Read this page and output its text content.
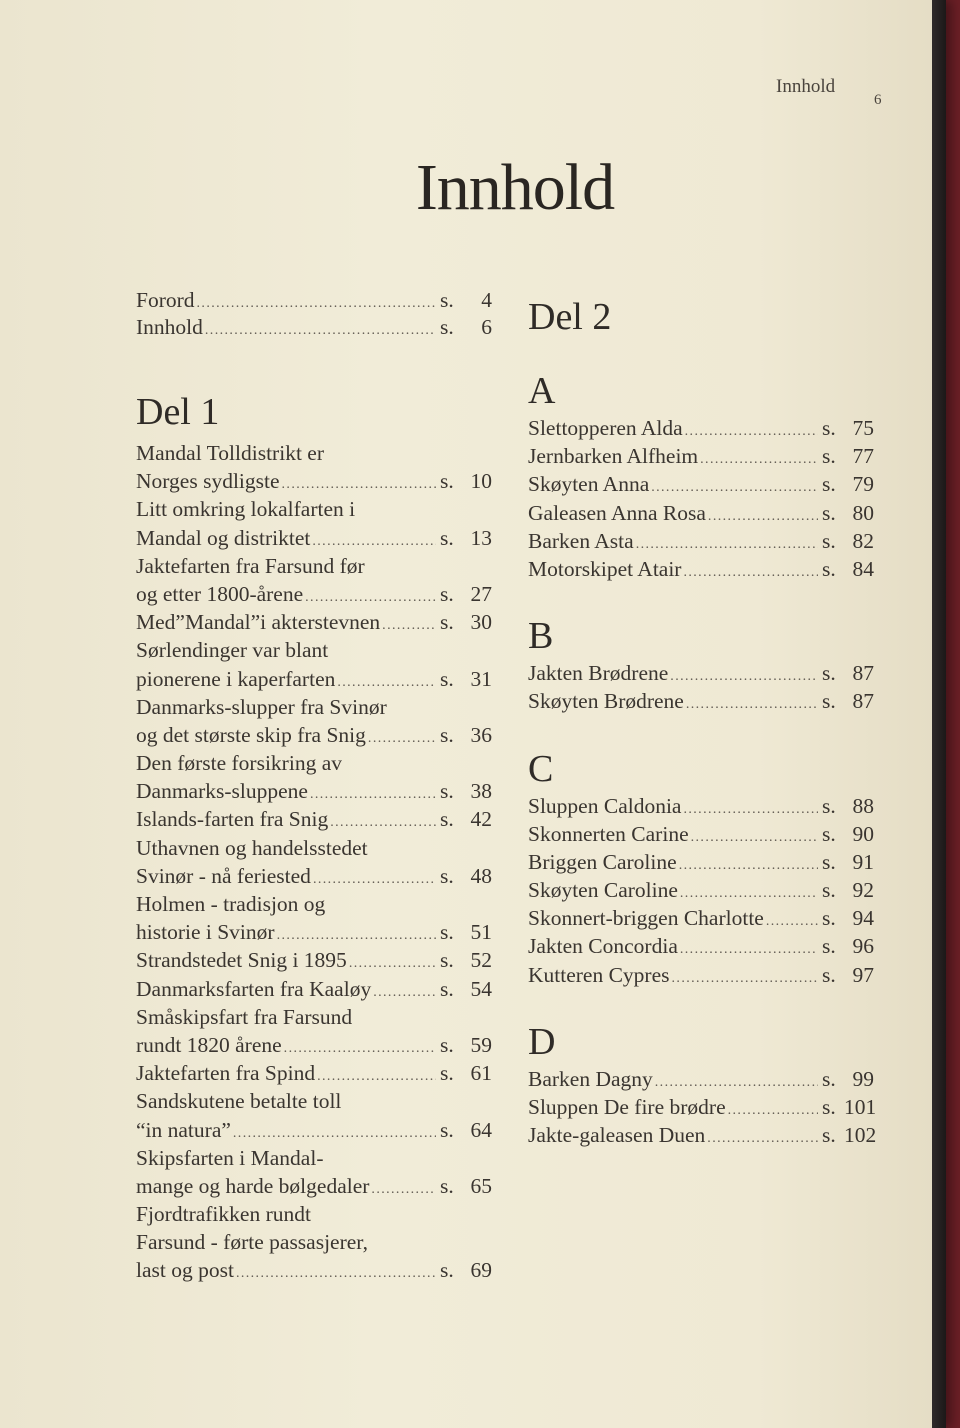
Innhold
6
Innhold
Forord .....	s.	4
Innhold .....	s.	6
Del 1
Mandal Tolldistrikt er
Norges sydligste .....	s. 10
Litt omkring lokalfarten i
Mandal og distriktet .....	s. 13
Jaktefarten fra Farsund før
og etter 1800-årene .....	s. 27
Med”Mandal”i akterstevnen .....	s. 30
Sørlendinger var blant
pionerene i kaperfarten .....	s. 31
Danmarks-slupper fra Svinør
og det største skip fra Snig .....	s. 36
Den første forsikring av
Danmarks-sluppene .....	s. 38
Islands-farten fra Snig .....	s. 42
Uthavnen og handelsstedet
Svinør - nå feriested .....	s. 48
Holmen - tradisjon og
historie i Svinør .....	s. 51
Strandstedet Snig i 1895 .....	s. 52
Danmarksfarten fra Kaaløy .....	s. 54
Småskipsfart fra Farsund
rundt 1820 årene .....	s. 59
Jaktefarten fra Spind .....	s. 61
Sandskutene betalte toll
“in natura” .....	s. 64
Skipsfarten i Mandal-
mange og harde bølgedaler .....	s. 65
Fjordtrafikken rundt
Farsund - førte passasjerer,
last og post .....	s. 69
Del 2
A
Slettopperen Alda .....	s. 75
Jernbarken Alfheim .....	s. 77
Skøyten Anna .....	s. 79
Galeasen Anna Rosa .....	s. 80
Barken Asta .....	s. 82
Motorskipet Atair .....	s. 84
B
Jakten Brødrene .....	s. 87
Skøyten Brødrene .....	s. 87
C
Sluppen Caldonia .....	s. 88
Skonnerten Carine .....	s. 90
Briggen Caroline .....	s. 91
Skøyten Caroline .....	s. 92
Skonnert-briggen Charlotte .....	s. 94
Jakten Concordia .....	s. 96
Kutteren Cypres .....	s. 97
D
Barken Dagny .....	s. 99
Sluppen De fire brødre .....	s. 101
Jakte-galeasen Duen .....	s. 102
